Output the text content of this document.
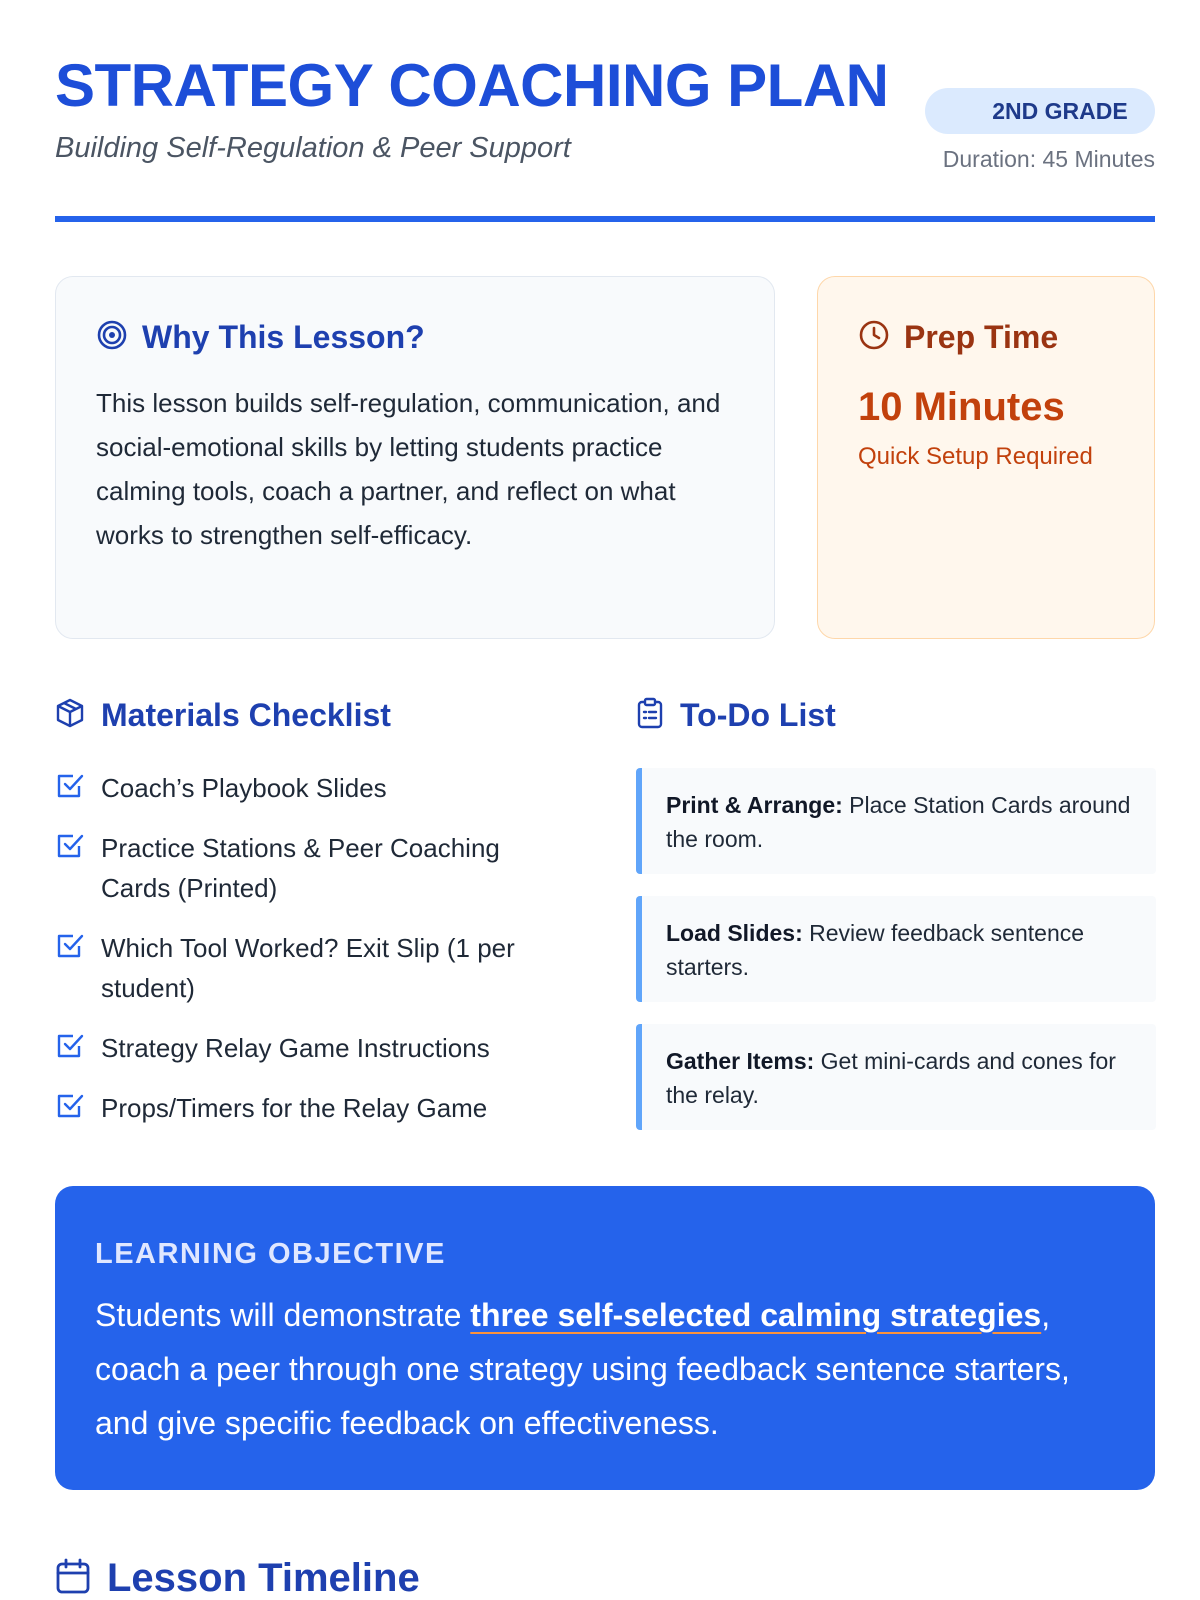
STRATEGY COACHING PLAN
Building Self-Regulation & Peer Support
2ND GRADE
Duration: 45 Minutes
Why This Lesson?

This lesson builds self-regulation, communication, and social-emotional skills by letting students practice calming tools, coach a partner, and reflect on what works to strengthen self-efficacy.

Prep Time
10 Minutes
Quick Setup Required
Materials Checklist
Coach’s Playbook Slides
Practice Stations & Peer Coaching Cards (Printed)
Which Tool Worked? Exit Slip (1 per student)
Strategy Relay Game Instructions
Props/Timers for the Relay Game
To-Do List
Print & Arrange: Place Station Cards around the room.
Load Slides: Review feedback sentence starters.
Gather Items: Get mini-cards and cones for the relay.
LEARNING OBJECTIVE

Students will demonstrate three self-selected calming strategies, coach a peer through one strategy using feedback sentence starters, and give specific feedback on effectiveness.

Lesson Timeline
